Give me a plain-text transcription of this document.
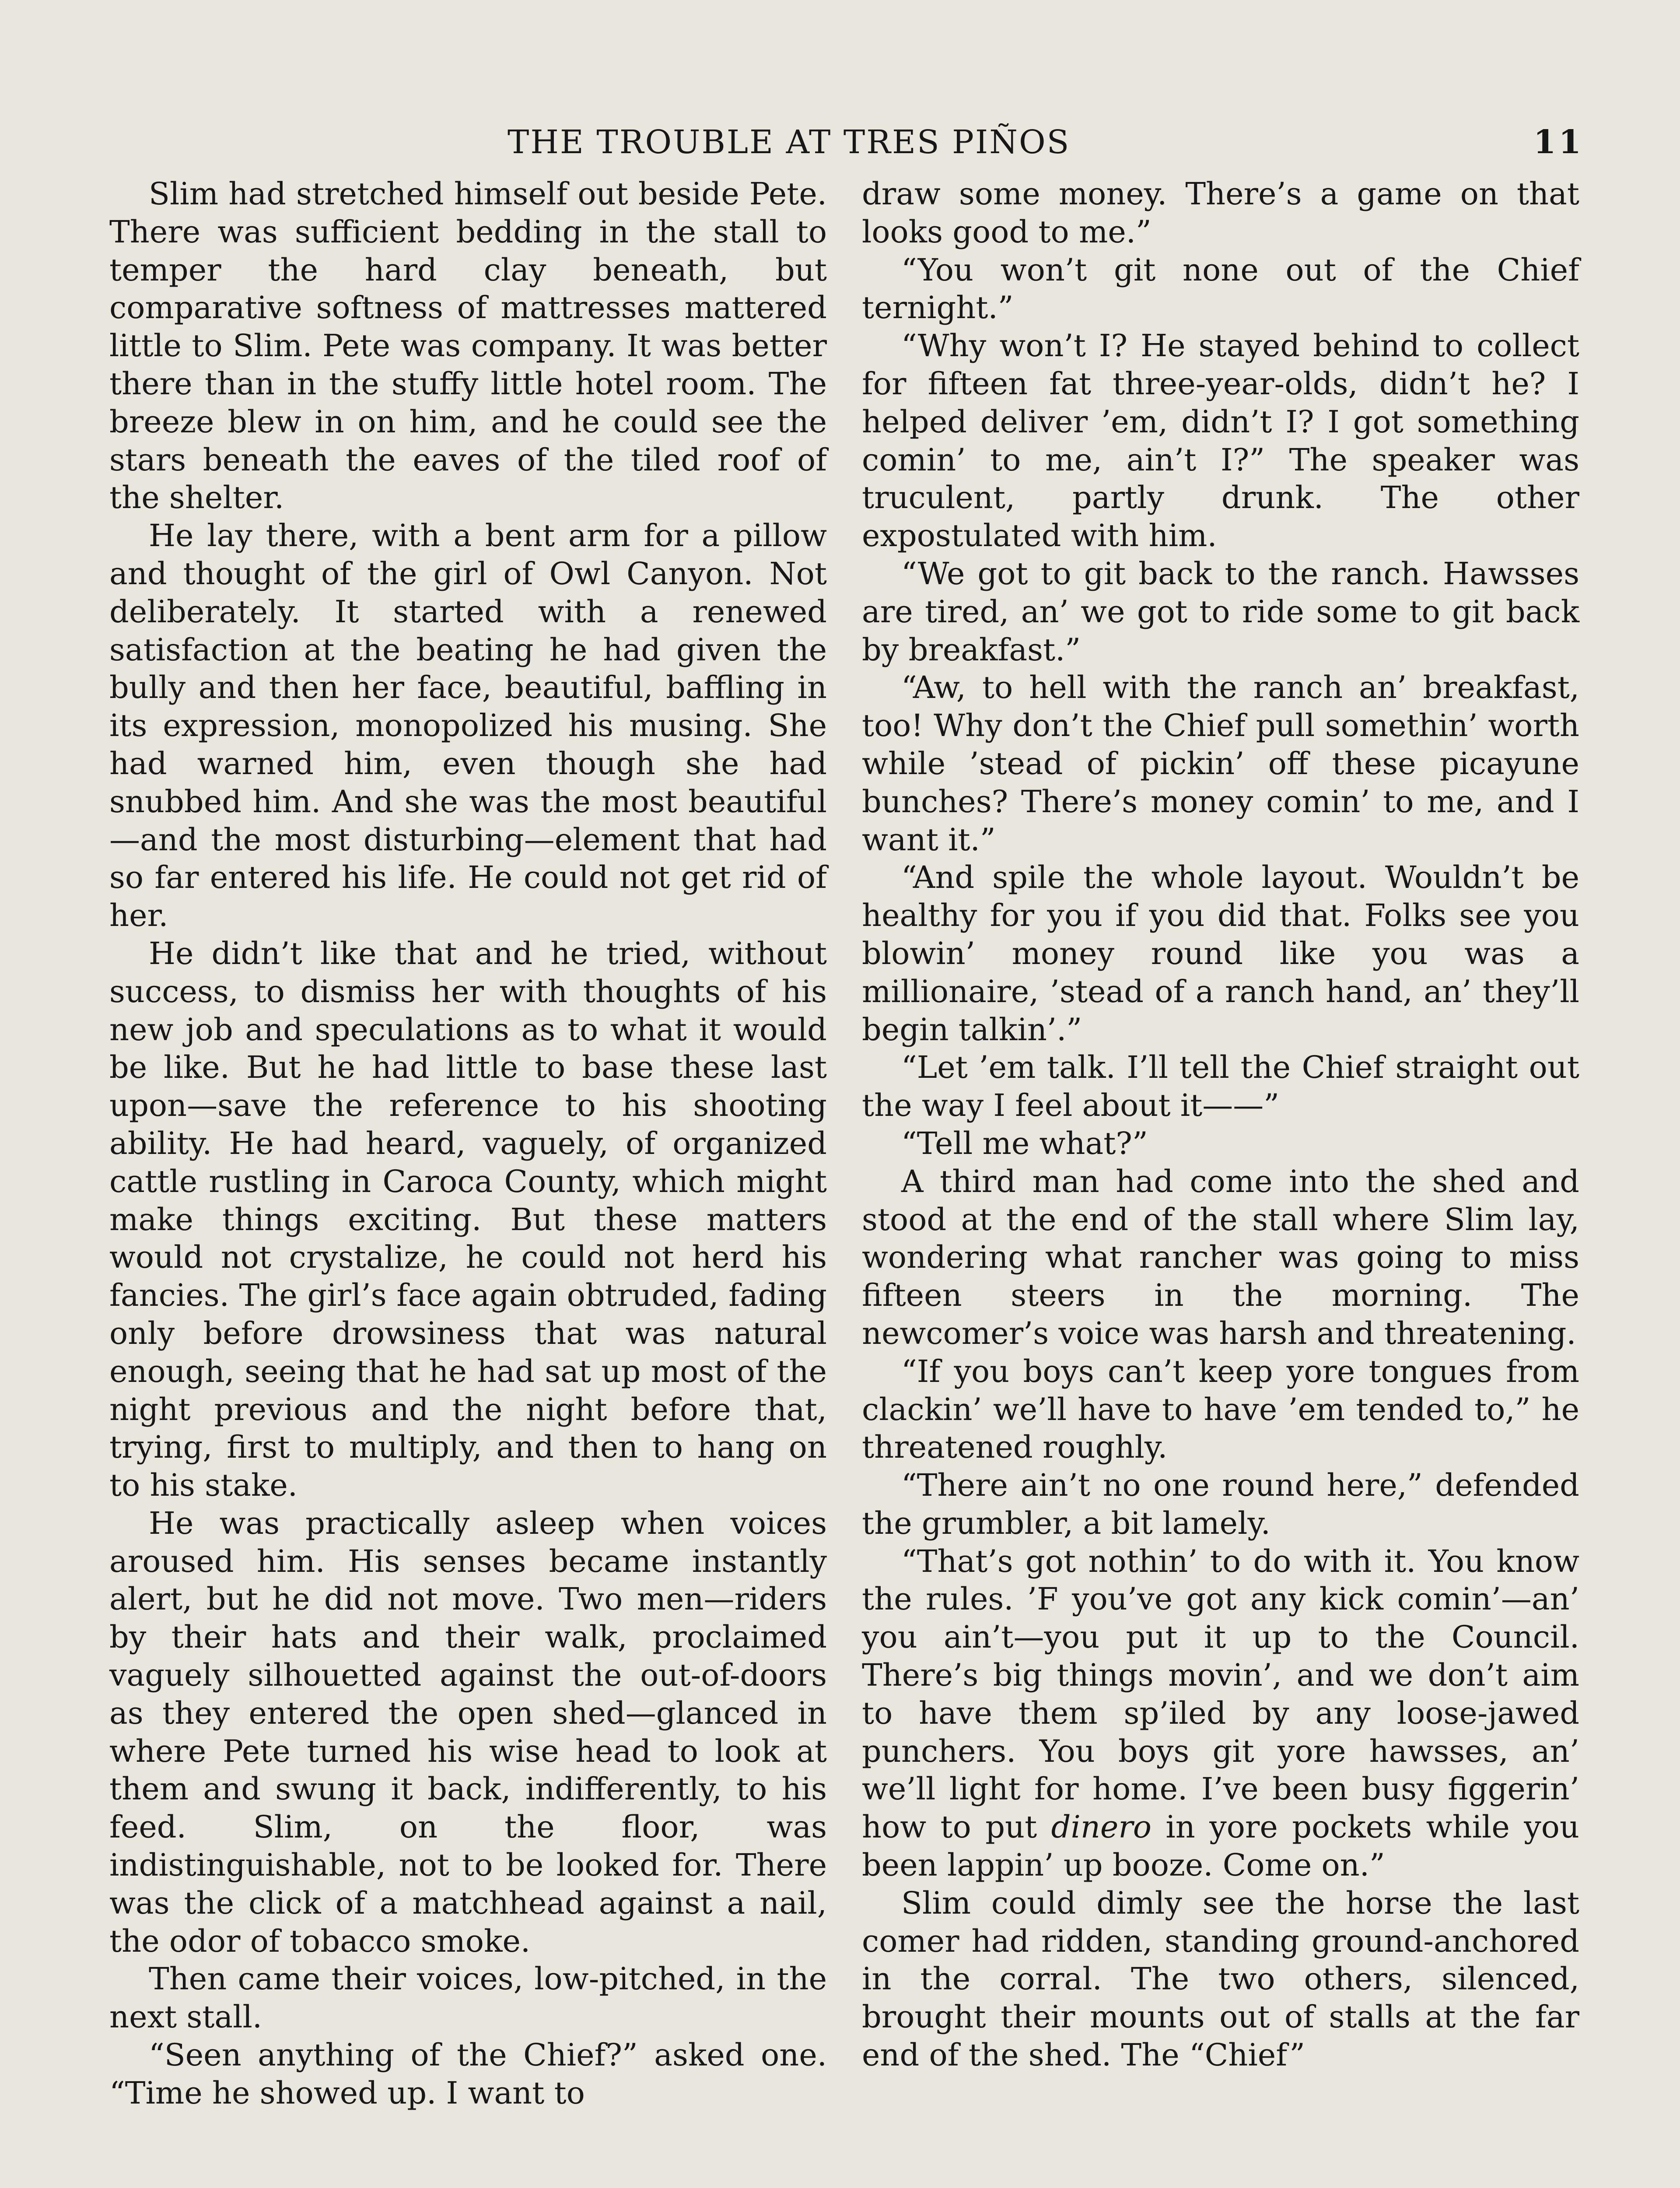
THE TROUBLE AT TRES PIÑOS	11

Slim had stretched himself out beside Pete. There was sufficient bedding in the stall to temper the hard clay beneath, but comparative softness of mattresses mattered little to Slim. Pete was company. It was better there than in the stuffy little hotel room. The breeze blew in on him, and he could see the stars beneath the eaves of the tiled roof of the shelter.

He lay there, with a bent arm for a pillow and thought of the girl of Owl Canyon. Not deliberately. It started with a renewed satisfaction at the beating he had given the bully and then her face, beautiful, baffling in its expression, monopolized his musing. She had warned him, even though she had snubbed him. And she was the most beautiful—and the most disturbing—element that had so far entered his life. He could not get rid of her.

He didn’t like that and he tried, without success, to dismiss her with thoughts of his new job and speculations as to what it would be like. But he had little to base these last upon—save the reference to his shooting ability. He had heard, vaguely, of organized cattle rustling in Caroca County, which might make things exciting. But these matters would not crystalize, he could not herd his fancies. The girl’s face again obtruded, fading only before drowsiness that was natural enough, seeing that he had sat up most of the night previous and the night before that, trying, first to multiply, and then to hang on to his stake.

He was practically asleep when voices aroused him. His senses became instantly alert, but he did not move. Two men—riders by their hats and their walk, proclaimed vaguely silhouetted against the out-of-doors as they entered the open shed—glanced in where Pete turned his wise head to look at them and swung it back, indifferently, to his feed. Slim, on the floor, was indistinguishable, not to be looked for. There was the click of a matchhead against a nail, the odor of tobacco smoke.

Then came their voices, low-pitched, in the next stall.

“Seen anything of the Chief?” asked one. “Time he showed up. I want to

draw some money. There’s a game on that looks good to me.”

“You won’t git none out of the Chief ternight.”

“Why won’t I? He stayed behind to collect for fifteen fat three-year-olds, didn’t he? I helped deliver ’em, didn’t I? I got something comin’ to me, ain’t I?” The speaker was truculent, partly drunk. The other expostulated with him.

“We got to git back to the ranch. Hawsses are tired, an’ we got to ride some to git back by breakfast.”

“Aw, to hell with the ranch an’ breakfast, too! Why don’t the Chief pull somethin’ worth while ’stead of pickin’ off these picayune bunches? There’s money comin’ to me, and I want it.”

“And spile the whole layout. Wouldn’t be healthy for you if you did that. Folks see you blowin’ money round like you was a millionaire, ’stead of a ranch hand, an’ they’ll begin talkin’.”

“Let ’em talk. I’ll tell the Chief straight out the way I feel about it——”

“Tell me what?”

A third man had come into the shed and stood at the end of the stall where Slim lay, wondering what rancher was going to miss fifteen steers in the morning. The newcomer’s voice was harsh and threatening.

“If you boys can’t keep yore tongues from clackin’ we’ll have to have ’em tended to,” he threatened roughly.

“There ain’t no one round here,” defended the grumbler, a bit lamely.

“That’s got nothin’ to do with it. You know the rules. ’F you’ve got any kick comin’—an’ you ain’t—you put it up to the Council. There’s big things movin’, and we don’t aim to have them sp’iled by any loose-jawed punchers. You boys git yore hawsses, an’ we’ll light for home. I’ve been busy figgerin’ how to put dinero in yore pockets while you been lappin’ up booze. Come on.”

Slim could dimly see the horse the last comer had ridden, standing ground-anchored in the corral. The two others, silenced, brought their mounts out of stalls at the far end of the shed. The “Chief”
